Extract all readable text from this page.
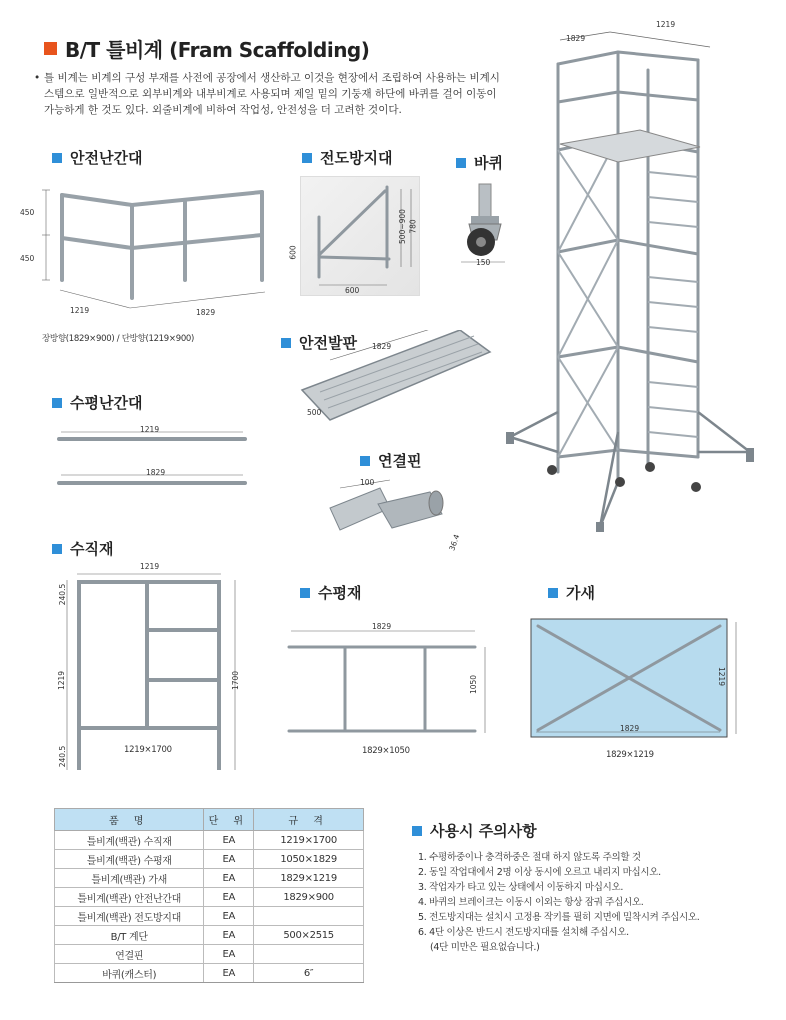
B/T 틀비계 (Fram Scaffolding)
• 틀 비계는 비계의 구성 부재를 사전에 공장에서 생산하고 이것을 현장에서 조립하여 사용하는 비계시스템으로 일반적으로 외부비계와 내부비계로 사용되며 제일 밑의 기둥재 하단에 바퀴를 걸어 이동이 가능하게 한 것도 있다. 외줄비계에 비하여 작업성, 안전성을 더 고려한 것이다.
1829
1219
안전난간대
450
450
1219	1829
장방향(1829×900) / 단방향(1219×900)
전도방지대
600
600
500~900 780
바퀴
150
안전발판 1829
500
수평난간대
1219
1829
연결핀
100
36.4
수직재
1219
240.5
1219
240.5
1700
1219×1700
수평재
1829
1050
1829×1050
가새
1829
1219
1829×1219
품 명	단 위	규 격
틀비계(백관) 수직재	EA	1219×1700
틀비계(백관) 수평재	EA	1050×1829
틀비계(백관) 가새	EA	1829×1219
틀비계(백관) 안전난간대	EA	1829×900
틀비계(백관) 전도방지대	EA	
B/T 계단	EA	500×2515
연결핀	EA	
바퀴(캐스터)	EA	6″
사용시 주의사항
1. 수평하중이나 충격하중은 절대 하지 않도록 주의할 것
2. 동일 작업대에서 2명 이상 동시에 오르고 내리지 마십시오.
3. 작업자가 타고 있는 상태에서 이동하지 마십시오.
4. 바퀴의 브레이크는 이동시 이외는 항상 잠궈 주십시오.
5. 전도방지대는 설치시 고정용 작키를 필히 지면에 밀착시켜 주십시오.
6. 4단 이상은 반드시 전도방지대를 설치해 주십시오.
(4단 미만은 필요없습니다.)
